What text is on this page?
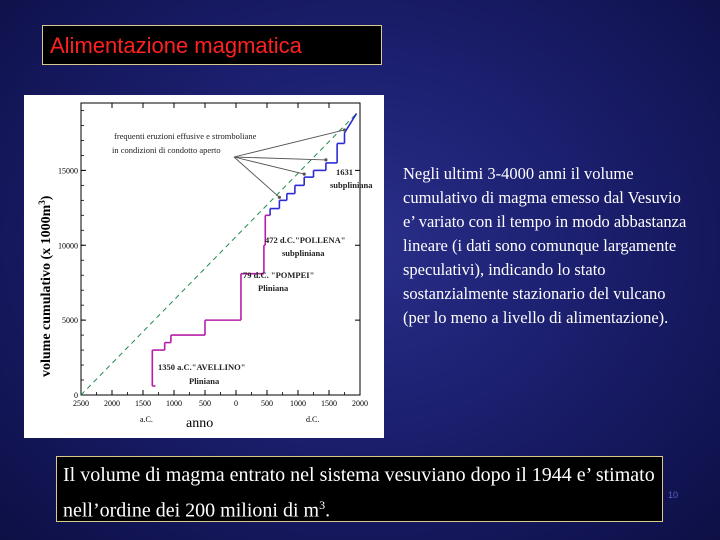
Alimentazione magmatica
2500 2000 1500 1000 500	0	500 1000 1500 2000
0
5000
10000
15000
volume cumulativo (x $1000m^3$)
anno
a.C.	d.C.
frequenti eruzioni effusive e stromboliane
in condizioni di condotto aperto
1631
subpliniana
472 d.C."POLLENA"
subpliniana
79 d.C. "POMPEI"
Pliniana
1350 a.C."AVELLINO"
Pliniana
Negli ultimi 3-4000 anni il volume cumulativo di magma emesso dal Vesuvio e’ variato con il tempo in modo abbastanza lineare (i dati sono comunque largamente speculativi), indicando lo stato sostanzialmente stazionario del vulcano (per lo meno a livello di alimentazione).
Il volume di magma entrato nel sistema vesuviano dopo il 1944 e’ stimato nell’ordine dei 200 milioni di $m^3$.
10
